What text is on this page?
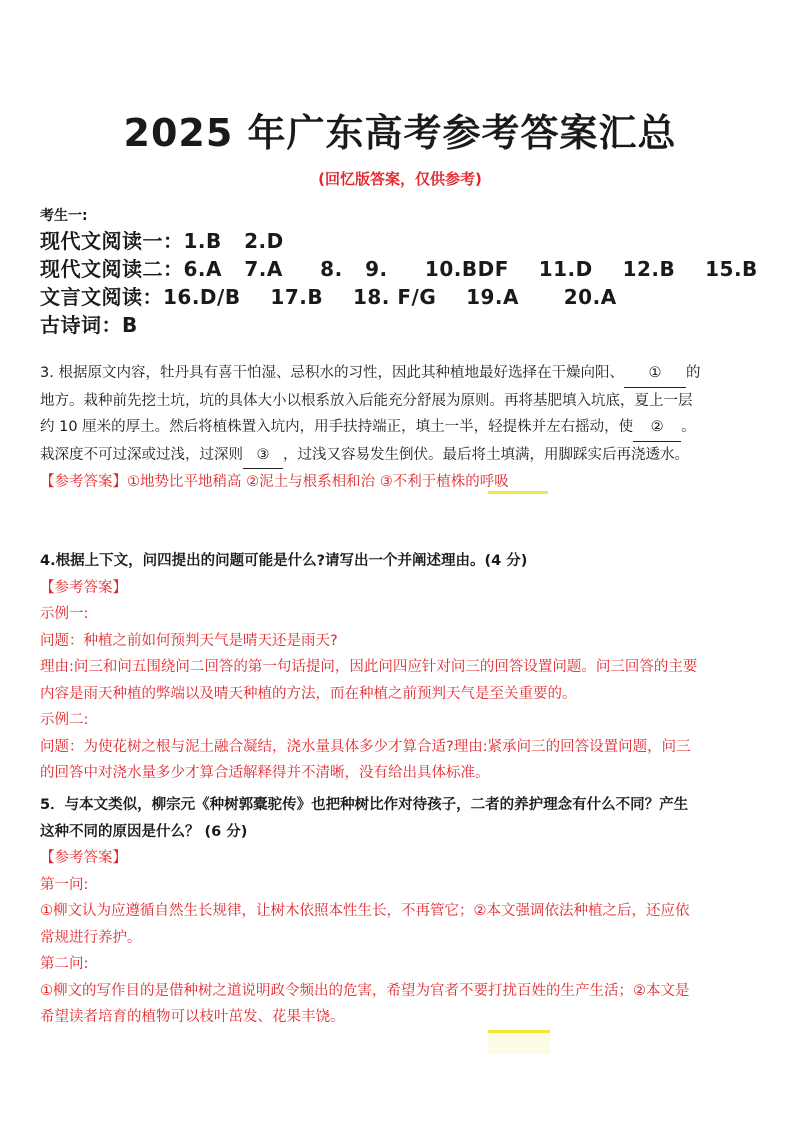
2025 年广东高考参考答案汇总
(回忆版答案，仅供参考)
考生一:
现代文阅读一：1.B   2.D
现代文阅读二：6.A   7.A     8.   9.     10.BDF    11.D    12.B    15.B
文言文阅读：16.D/B    17.B    18. F/G    19.A      20.A
古诗词：B
3. 根据原文内容，牡丹具有喜干怕湿、忌积水的习性，因此其种植地最好选择在干燥向阳、 ① 的
地方。栽种前先挖土坑，坑的具体大小以根系放入后能充分舒展为原则。再将基肥填入坑底，夏上一层
约 10 厘米的厚土。然后将植株置入坑内，用手扶持端正，填土一半，轻提株并左右摇动，使 ② 。
栽深度不可过深或过浅，过深则 ③ ，过浅又容易发生倒伏。最后将土填满，用脚踩实后再浇透水。
【参考答案】①地势比平地稍高 ②泥土与根系相和治 ③不利于植株的呼吸
4.根据上下文，问四提出的问题可能是什么?请写出一个并阐述理由。(4 分)
【参考答案】
示例一:
问题：种植之前如何预判天气是晴天还是雨天?
理由:问三和问五围绕问二回答的第一句话提问，因此问四应针对问三的回答设置问题。问三回答的主要
内容是雨天种植的弊端以及晴天种植的方法，而在种植之前预判天气是至关重要的。
示例二:
问题：为使花树之根与泥土融合凝结，浇水量具体多少才算合适?理由:紧承问三的回答设置问题，问三
的回答中对浇水量多少才算合适解释得并不清晰，没有给出具体标准。
5．与本文类似，柳宗元《种树郭橐驼传》也把种树比作对待孩子，二者的养护理念有什么不同？产生
这种不同的原因是什么？ (6 分)
【参考答案】
第一问:
①柳文认为应遵循自然生长规律，让树木依照本性生长，不再管它；②本文强调依法种植之后，还应依
常规进行养护。
第二问:
①柳文的写作目的是借种树之道说明政令频出的危害，希望为官者不要打扰百姓的生产生活；②本文是
希望读者培育的植物可以枝叶茁发、花果丰饶。
